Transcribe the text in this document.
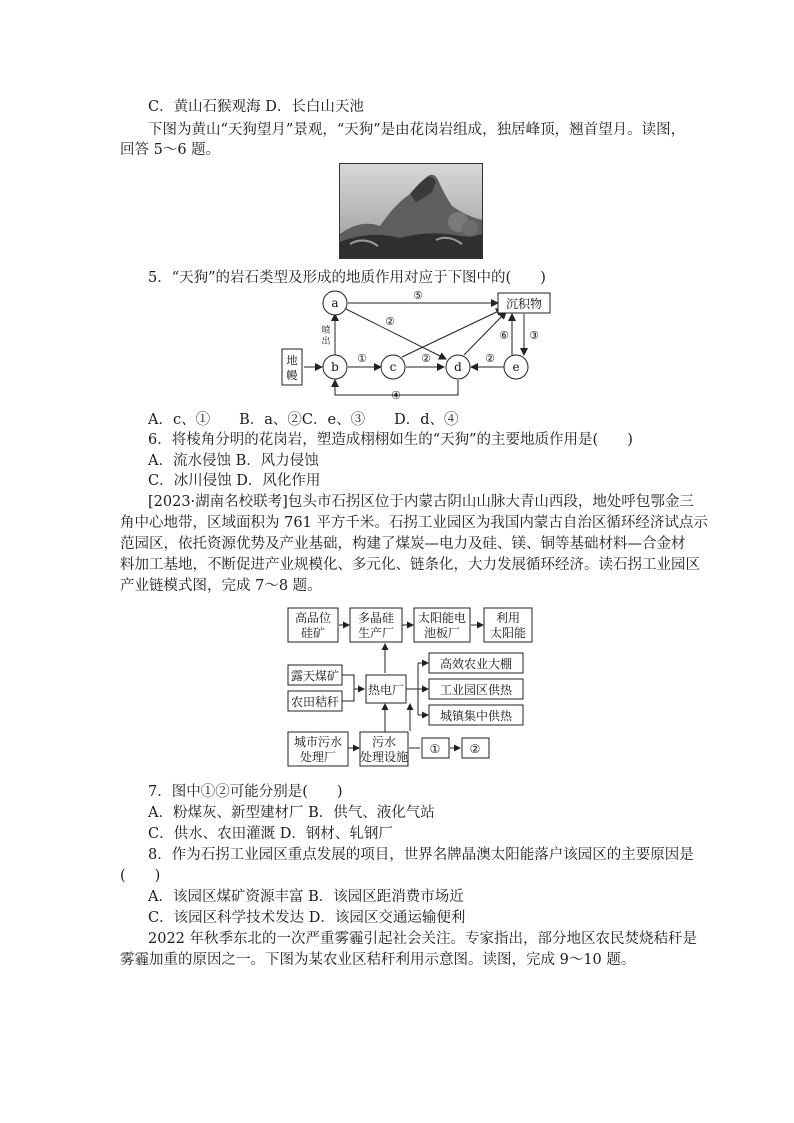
C．黄山石猴观海 D．长白山天池
下图为黄山“天狗望月”景观，“天狗”是由花岗岩组成，独居峰顶，翘首望月。读图，
回答 5～6 题。
5．“天狗”的岩石类型及形成的地质作用对应于下图中的(　　)
a
b	c	d	e
沉积物
地
幔
喷
出
⑤
②
①	②	②
⑥ ③
④
A．c、①　　B．a、②C．e、③　　D．d、④
6．将棱角分明的花岗岩，塑造成栩栩如生的“天狗”的主要地质作用是(　　)
A．流水侵蚀 B．风力侵蚀
C．冰川侵蚀 D．风化作用
[2023·湖南名校联考]包头市石拐区位于内蒙古阴山山脉大青山西段，地处呼包鄂金三
角中心地带，区域面积为 761 平方千米。石拐工业园区为我国内蒙古自治区循环经济试点示
范园区，依托资源优势及产业基础，构建了煤炭—电力及硅、镁、铜等基础材料—合金材
料加工基地，不断促进产业规模化、多元化、链条化，大力发展循环经济。读石拐工业园区
产业链模式图，完成 7～8 题。
高品位
硅矿
多晶硅
生产厂
太阳能电
池板厂
利用
太阳能
露天煤矿
农田秸秆
热电厂
高效农业大棚
工业园区供热
城镇集中供热
城市污水
处理厂
污水
处理设施
① ②
7．图中①②可能分别是(　　)
A．粉煤灰、新型建材厂 B．供气、液化气站
C．供水、农田灌溉 D．钢材、轧钢厂
8．作为石拐工业园区重点发展的项目，世界名牌晶澳太阳能落户该园区的主要原因是
(　　)
A．该园区煤矿资源丰富 B．该园区距消费市场近
C．该园区科学技术发达 D．该园区交通运输便利
2022 年秋季东北的一次严重雾霾引起社会关注。专家指出，部分地区农民焚烧秸秆是
雾霾加重的原因之一。下图为某农业区秸秆利用示意图。读图，完成 9～10 题。
